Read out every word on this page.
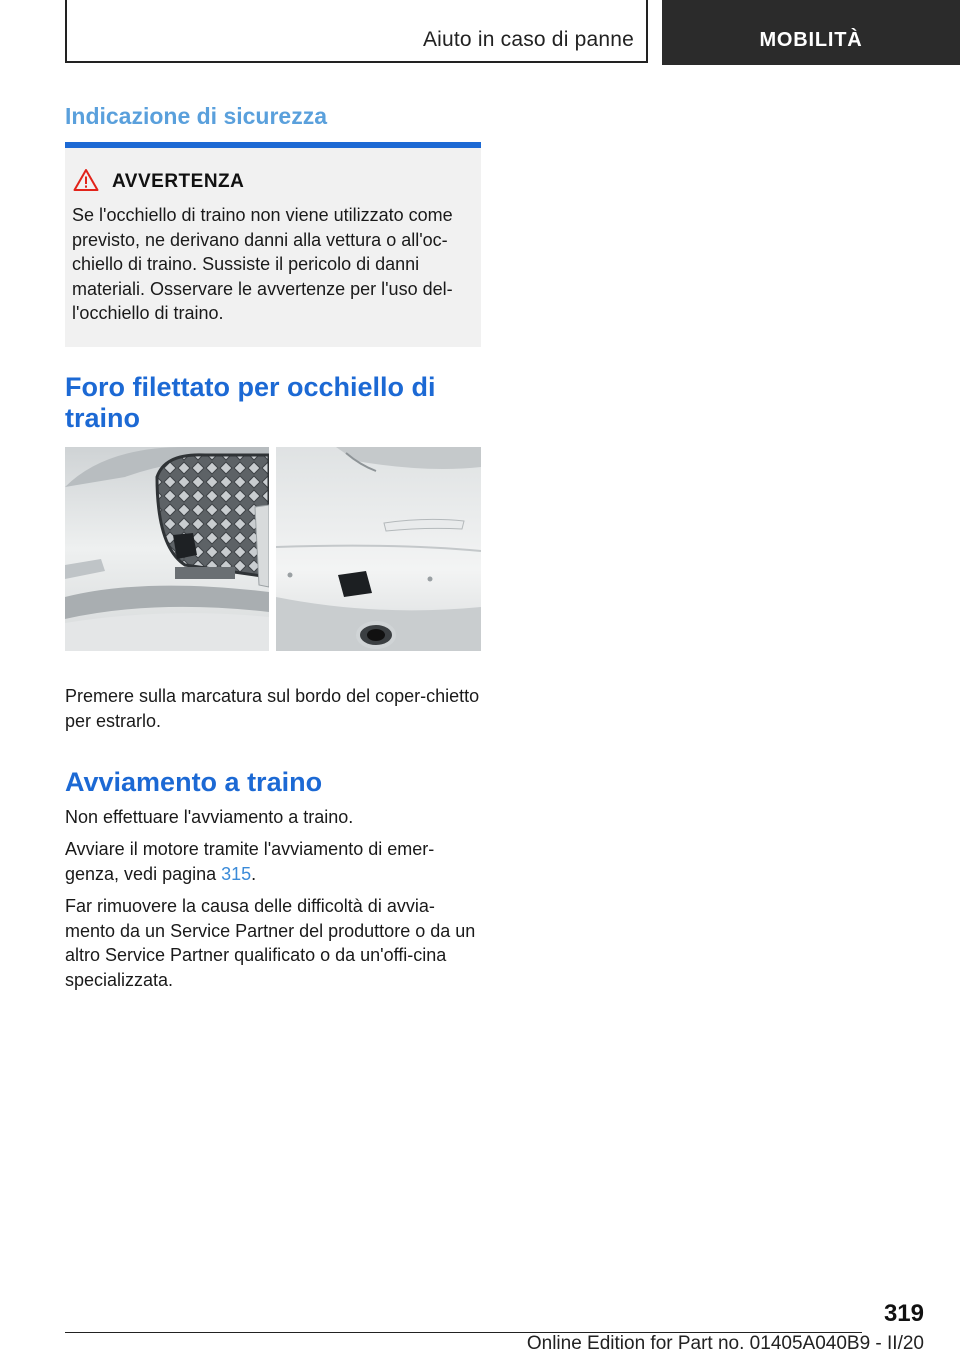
Aiuto in caso di panne	MOBILITÀ
Indicazione di sicurezza
AVVERTENZA

Se l'occhiello di traino non viene utilizzato come previsto, ne derivano danni alla vettura o all'oc-chiello di traino. Sussiste il pericolo di danni materiali. Osservare le avvertenze per l'uso del-l'occhiello di traino.

Foro filettato per occhiello di traino

Premere sulla marcatura sul bordo del coper-chietto per estrarlo.

Avviamento a traino

Non effettuare l'avviamento a traino.

Avviare il motore tramite l'avviamento di emer-genza, vedi pagina 315.

Far rimuovere la causa delle difficoltà di avvia-mento da un Service Partner del produttore o da un altro Service Partner qualificato o da un'offi-cina specializzata.

319
Online Edition for Part no. 01405A040B9 - II/20
